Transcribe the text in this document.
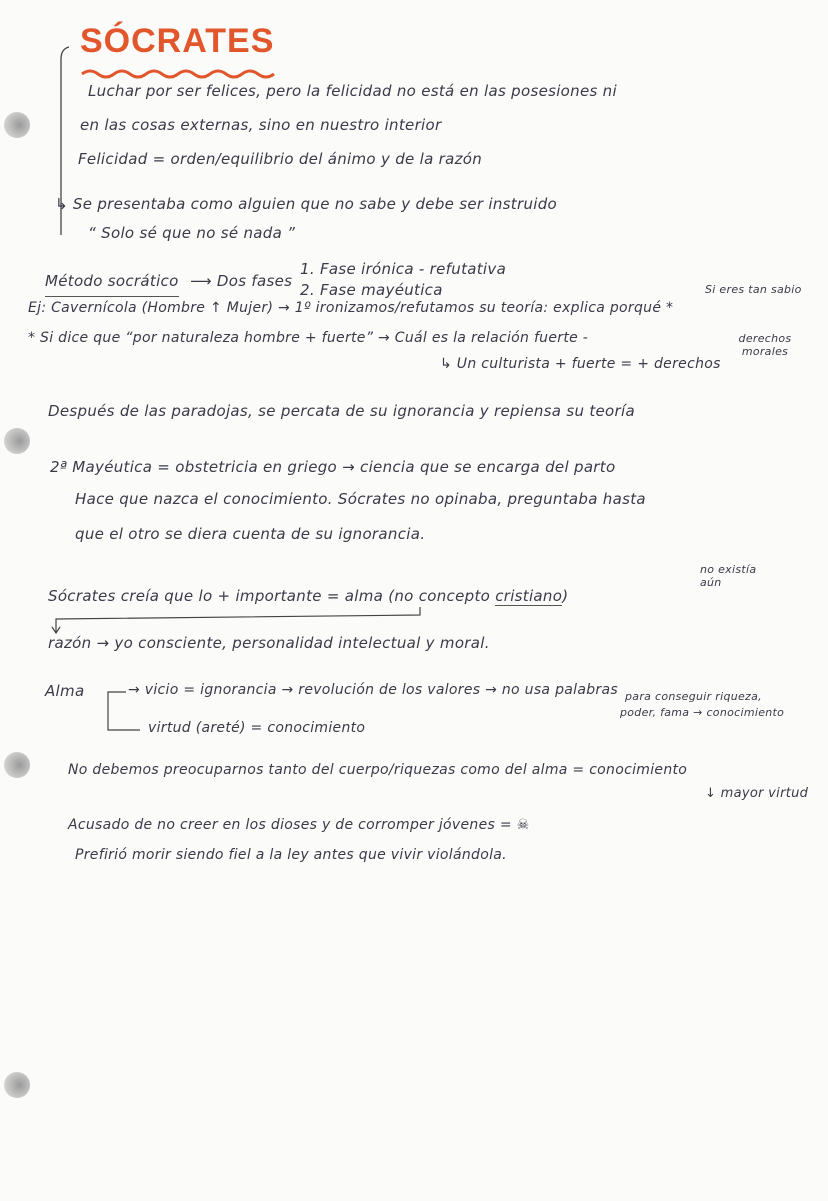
SÓCRATES
Luchar por ser felices, pero la felicidad no está en las posesiones ni
en las cosas externas, sino en nuestro interior
Felicidad = orden/equilibrio del ánimo y de la razón
↳ Se presentaba como alguien que no sabe y debe ser instruido
“ Solo sé que no sé nada ”
Método socrático ⟶ Dos fases
1. Fase irónica - refutativa
2. Fase mayéutica	Si eres tan sabio
Ej: Cavernícola (Hombre ↑ Mujer) → 1º ironizamos/refutamos su teoría: explica porqué *
* Si dice que “por naturaleza hombre + fuerte” → Cuál es la relación fuerte -	derechos morales
↳ Un culturista + fuerte = + derechos
Después de las paradojas, se percata de su ignorancia y repiensa su teoría
2ª Mayéutica = obstetricia en griego → ciencia que se encarga del parto
Hace que nazca el conocimiento. Sócrates no opinaba, preguntaba hasta
que el otro se diera cuenta de su ignorancia.
Sócrates creía que lo + importante = alma (no concepto cristiano)
no existía aún
razón → yo consciente, personalidad intelectual y moral.
Alma	→ vicio = ignorancia → revolución de los valores → no usa palabras para conseguir riqueza,
poder, fama → conocimiento
virtud (areté) = conocimiento
No debemos preocuparnos tanto del cuerpo/riquezas como del alma = conocimiento
↓ mayor virtud
Acusado de no creer en los dioses y de corromper jóvenes = ☠
Prefirió morir siendo fiel a la ley antes que vivir violándola.
